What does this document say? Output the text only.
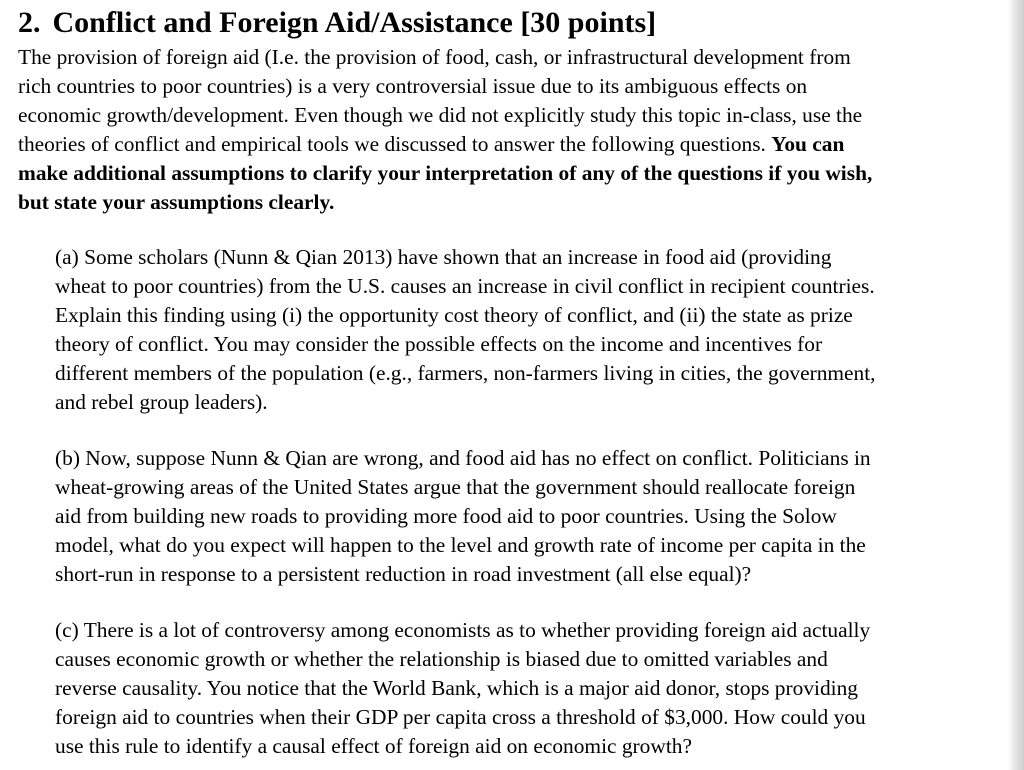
2. Conflict and Foreign Aid/Assistance [30 points]

The provision of foreign aid (I.e. the provision of food, cash, or infrastructural development from
rich countries to poor countries) is a very controversial issue due to its ambiguous effects on
economic growth/development. Even though we did not explicitly study this topic in-class, use the
theories of conflict and empirical tools we discussed to answer the following questions. You can
make additional assumptions to clarify your interpretation of any of the questions if you wish,
but state your assumptions clearly.

(a) Some scholars (Nunn & Qian 2013) have shown that an increase in food aid (providing
wheat to poor countries) from the U.S. causes an increase in civil conflict in recipient countries.
Explain this finding using (i) the opportunity cost theory of conflict, and (ii) the state as prize
theory of conflict. You may consider the possible effects on the income and incentives for
different members of the population (e.g., farmers, non-farmers living in cities, the government,
and rebel group leaders).

(b) Now, suppose Nunn & Qian are wrong, and food aid has no effect on conflict. Politicians in
wheat-growing areas of the United States argue that the government should reallocate foreign
aid from building new roads to providing more food aid to poor countries. Using the Solow
model, what do you expect will happen to the level and growth rate of income per capita in the
short-run in response to a persistent reduction in road investment (all else equal)?

(c) There is a lot of controversy among economists as to whether providing foreign aid actually
causes economic growth or whether the relationship is biased due to omitted variables and
reverse causality. You notice that the World Bank, which is a major aid donor, stops providing
foreign aid to countries when their GDP per capita cross a threshold of $3,000. How could you
use this rule to identify a causal effect of foreign aid on economic growth?
